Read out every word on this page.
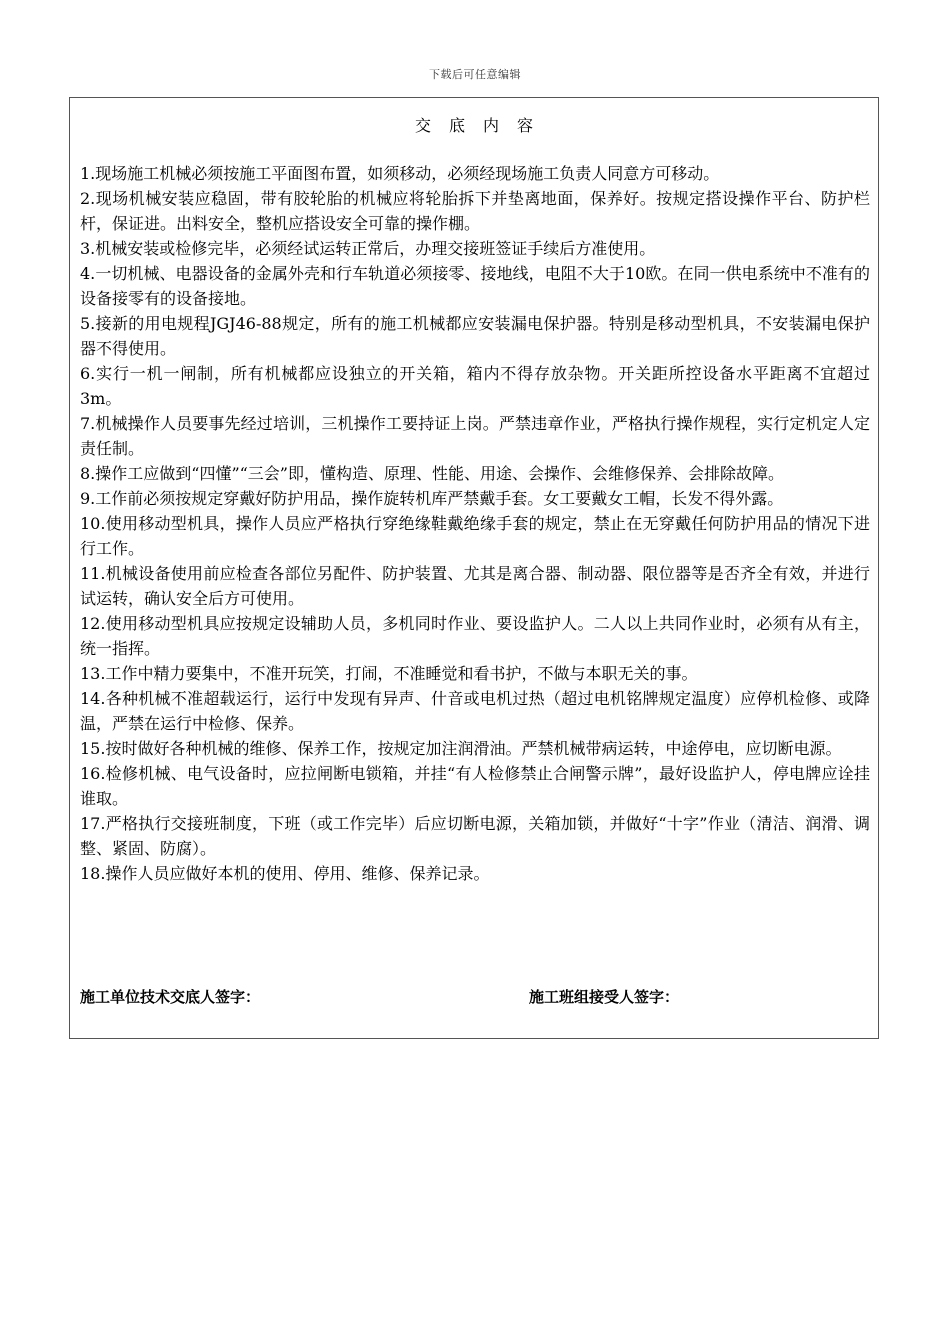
下载后可任意编辑
交底内容
1.现场施工机械必须按施工平面图布置，如须移动，必须经现场施工负责人同意方可移动。
2.现场机械安装应稳固，带有胶轮胎的机械应将轮胎拆下并垫离地面，保养好。按规定搭设操作平台、防护栏杆，保证进。出料安全，整机应搭设安全可靠的操作棚。
3.机械安装或检修完毕，必须经试运转正常后，办理交接班签证手续后方准使用。
4.一切机械、电器设备的金属外壳和行车轨道必须接零、接地线，电阻不大于10欧。在同一供电系统中不准有的设备接零有的设备接地。
5.接新的用电规程JGJ46-88规定，所有的施工机械都应安装漏电保护器。特别是移动型机具，不安装漏电保护器不得使用。
6.实行一机一闸制，所有机械都应设独立的开关箱，箱内不得存放杂物。开关距所控设备水平距离不宜超过3m。
7.机械操作人员要事先经过培训，三机操作工要持证上岗。严禁违章作业，严格执行操作规程，实行定机定人定责任制。
8.操作工应做到“四懂”“三会”即，懂构造、原理、性能、用途、会操作、会维修保养、会排除故障。
9.工作前必须按规定穿戴好防护用品，操作旋转机库严禁戴手套。女工要戴女工帽，长发不得外露。
10.使用移动型机具，操作人员应严格执行穿绝缘鞋戴绝缘手套的规定，禁止在无穿戴任何防护用品的情况下进行工作。
11.机械设备使用前应检查各部位另配件、防护装置、尤其是离合器、制动器、限位器等是否齐全有效，并进行试运转，确认安全后方可使用。
12.使用移动型机具应按规定设辅助人员，多机同时作业、要设监护人。二人以上共同作业时，必须有从有主，统一指挥。
13.工作中精力要集中，不准开玩笑，打闹，不准睡觉和看书护，不做与本职无关的事。
14.各种机械不准超载运行，运行中发现有异声、什音或电机过热（超过电机铭牌规定温度）应停机检修、或降温，严禁在运行中检修、保养。
15.按时做好各种机械的维修、保养工作，按规定加注润滑油。严禁机械带病运转，中途停电，应切断电源。
16.检修机械、电气设备时，应拉闸断电锁箱，并挂“有人检修禁止合闸警示牌”，最好设监护人，停电牌应诠挂谁取。
17.严格执行交接班制度，下班（或工作完毕）后应切断电源，关箱加锁，并做好“十字”作业（清洁、润滑、调整、紧固、防腐）。
18.操作人员应做好本机的使用、停用、维修、保养记录。
施工单位技术交底人签字：	施工班组接受人签字：
